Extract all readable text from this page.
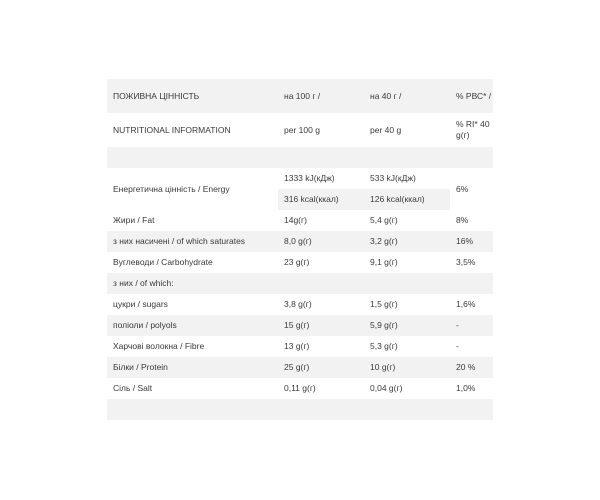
ПОЖИВНА ЦІННІСТЬ	на 100 г /	на 40 г /	% РВС* /
NUTRITIONAL INFORMATION	per 100 g	per 40 g	% RI* 40 g(г)

Енергетична цінність / Energy	1333 kJ(кДж)	533 kJ(кДж)	6%
	316 kcal(ккал)	126 kcal(ккал)	
Жири / Fat	14g(г)	5,4 g(г)	8%
з них насичені / of which saturates	8,0 g(г)	3,2 g(г)	16%
Вуглеводи / Carbohydrate	23 g(г)	9,1 g(г)	3,5%
з них / of which:			
цукри / sugars	3,8 g(г)	1,5 g(г)	1,6%
поліоли / polyols	15 g(г)	5,9 g(г)	-
Харчові волокна / Fibre	13 g(г)	5,3 g(г)	-
Білки / Protein	25 g(г)	10 g(г)	20 %
Сіль / Salt	0,11 g(г)	0,04 g(г)	1,0%
